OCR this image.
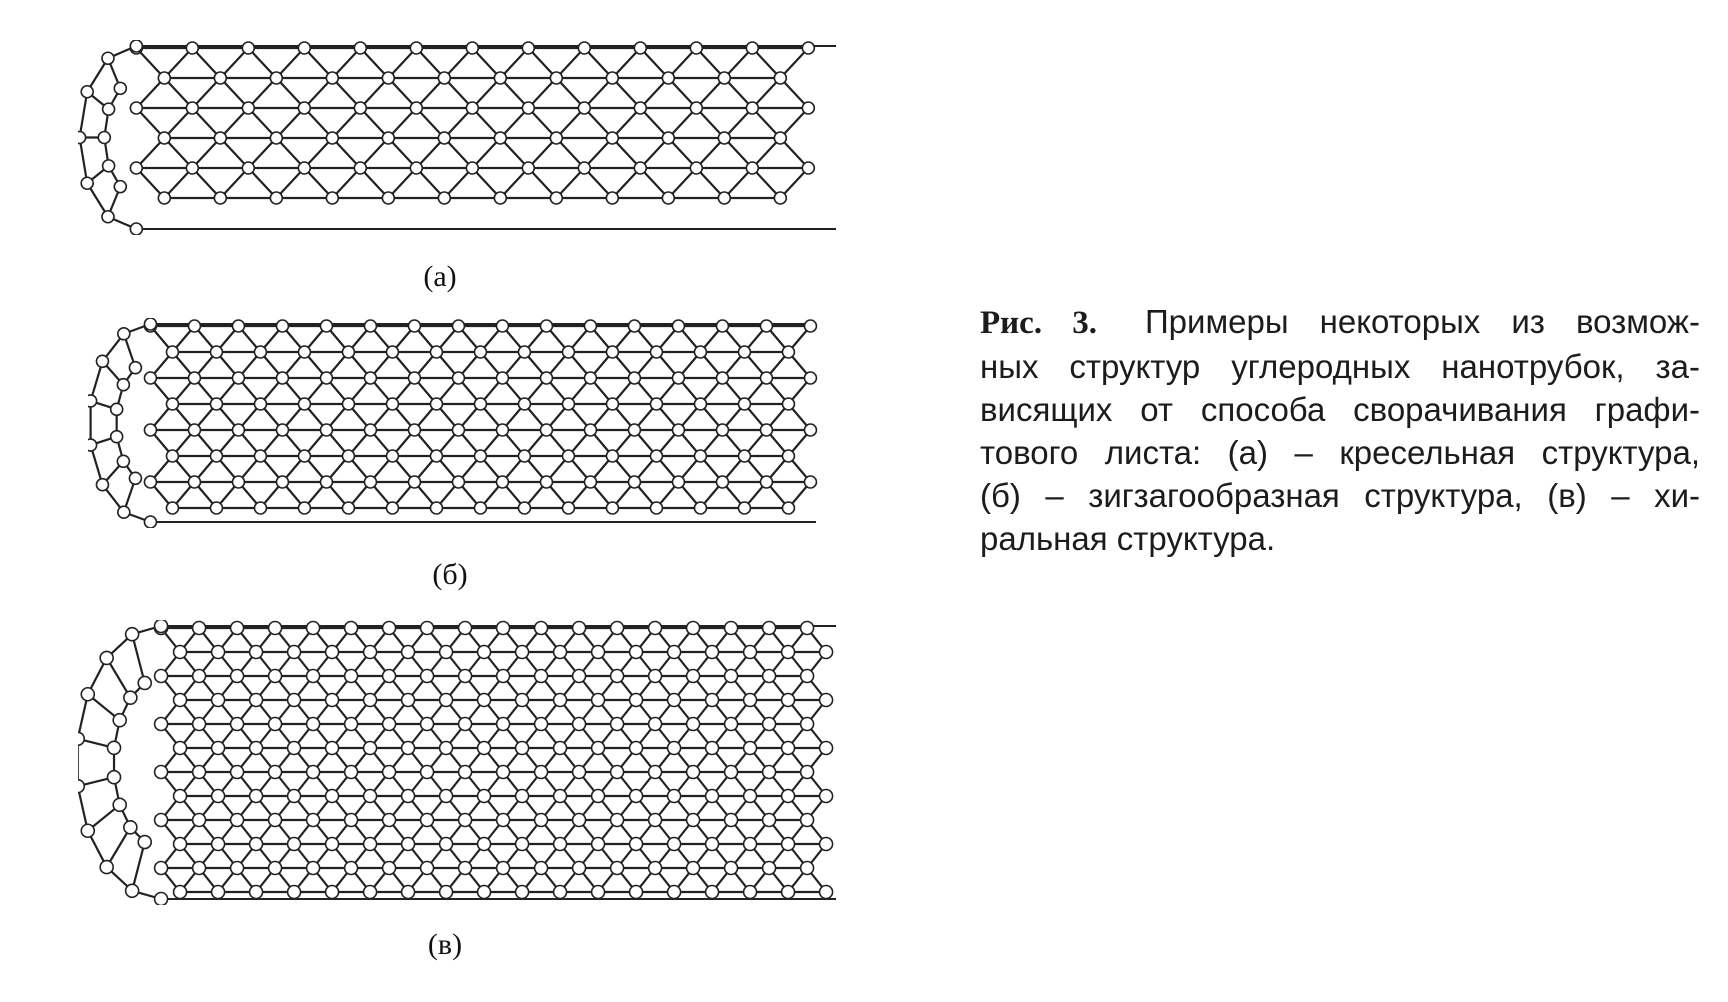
(а)
(б)
(в)
Рис. 3. Примеры некоторых из возмож-
ных структур углеродных нанотрубок, за-
висящих от способа сворачивания графи-
тового листа: (а) – кресельная структура,
(б) – зигзагообразная структура, (в) – хи-
ральная структура.
